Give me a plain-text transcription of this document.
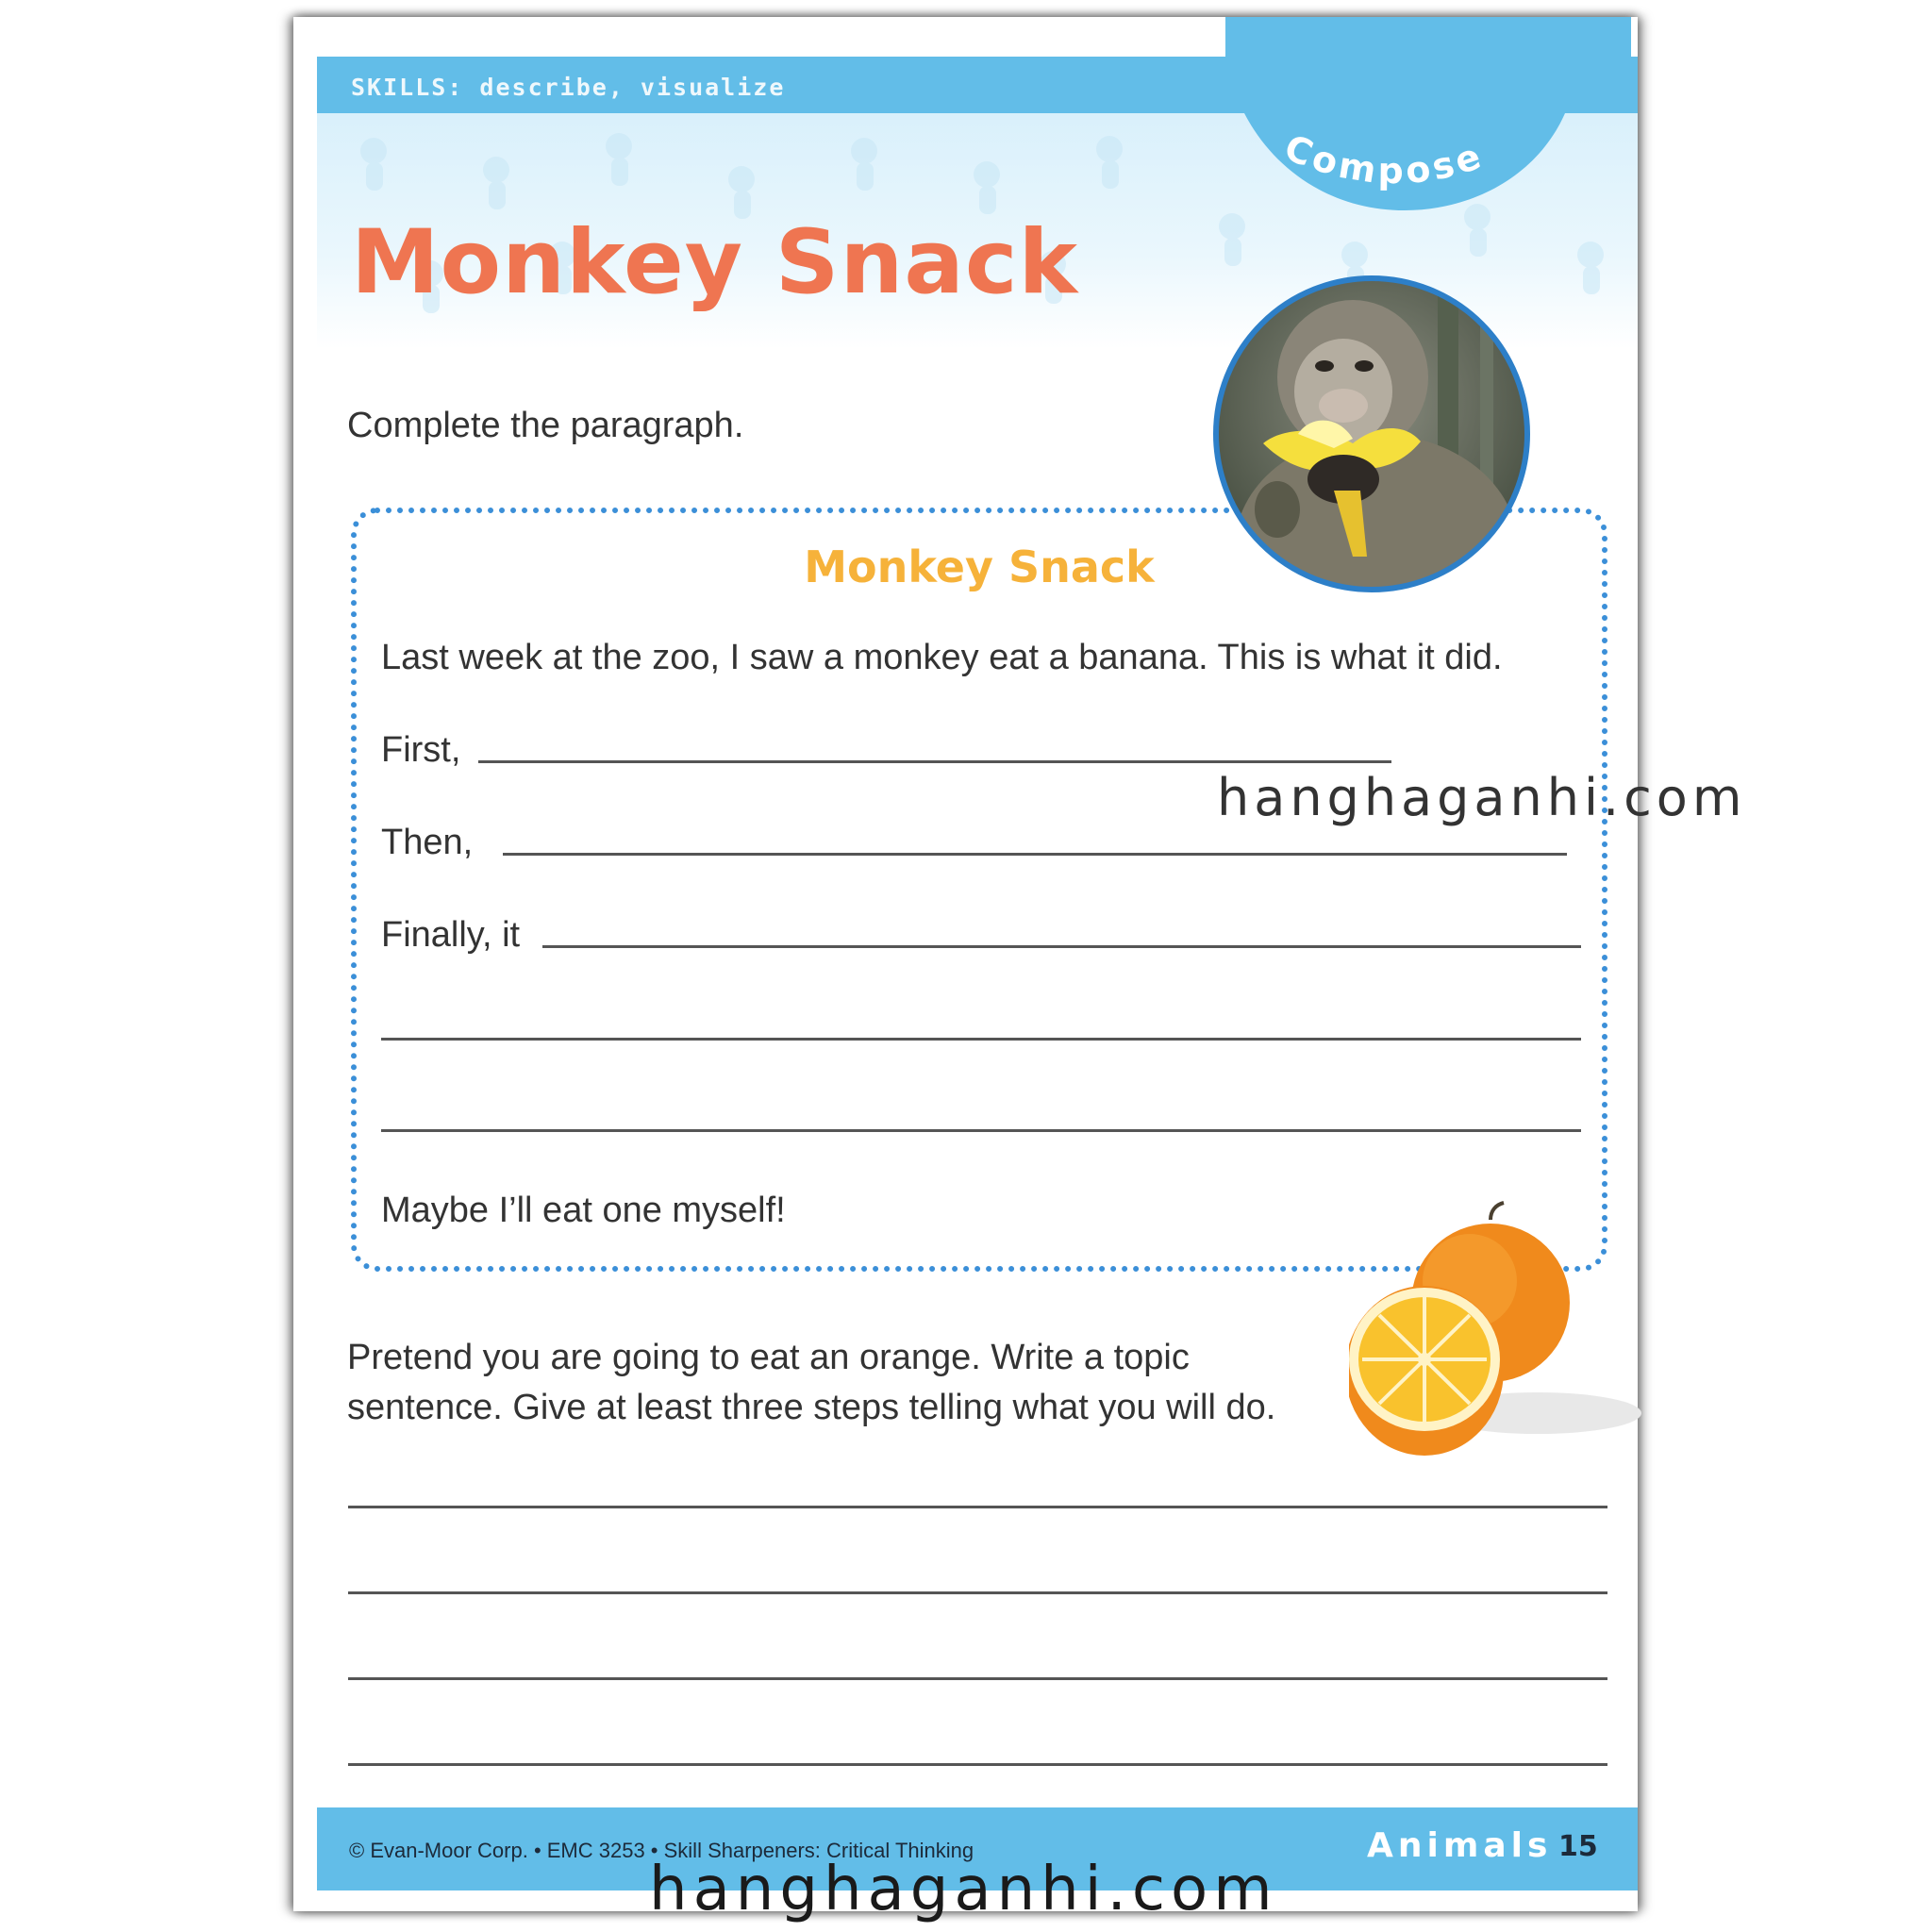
SKILLS: describe, visualize
Compose
Monkey Snack
Complete the paragraph.
Monkey Snack
Last week at the zoo, I saw a monkey eat a banana. This is what it did.
First,
Then,
Finally, it
Maybe I’ll eat one myself!
hanghaganhi.com
Pretend you are going to eat an orange. Write a topic sentence. Give at least three steps telling what you will do.
© Evan-Moor Corp. • EMC 3253 • Skill Sharpeners: Critical Thinking	Animals 15
hanghaganhi.com
